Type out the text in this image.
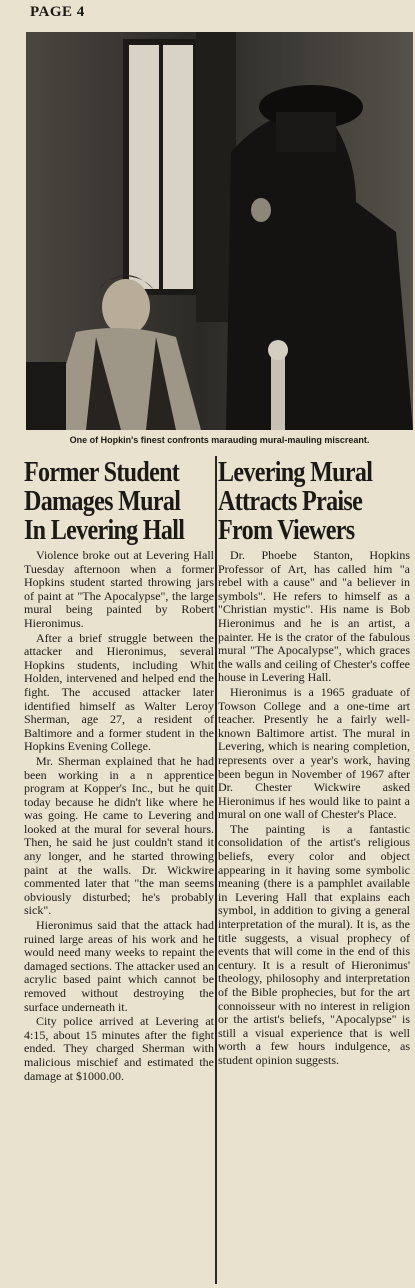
PAGE 4
One of Hopkin's finest confronts marauding mural-mauling miscreant.
Former Student
Damages Mural
In Levering Hall

Violence broke out at Levering Hall Tuesday afternoon when a former Hopkins student started throwing jars of paint at "The Apocalypse", the large mural being painted by Robert Hieronimus.

After a brief struggle between the attacker and Hieronimus, several Hopkins students, including Whit Holden, intervened and helped end the fight. The accused attacker later identified himself as Walter Leroy Sherman, age 27, a resident of Baltimore and a former student in the Hopkins Evening College.

Mr. Sherman explained that he had been working in a n apprentice program at Kopper's Inc., but he quit today because he didn't like where he was going. He came to Levering and looked at the mural for several hours. Then, he said he just couldn't stand it any longer, and he started throwing paint at the walls. Dr. Wickwire commented later that "the man seems obviously disturbed; he's probably sick".

Hieronimus said that the attack had ruined large areas of his work and he would need many weeks to repaint the damaged sections. The attacker used an acrylic based paint which cannot be removed without destroying the surface underneath it.

City police arrived at Levering at 4:15, about 15 minutes after the fight ended. They charged Sherman with malicious mischief and estimated the damage at $1000.00.

Levering Mural
Attracts Praise
From Viewers

Dr. Phoebe Stanton, Hopkins Professor of Art, has called him "a rebel with a cause" and "a believer in symbols". He refers to himself as a "Christian mystic". His name is Bob Hieronimus and he is an artist, a painter. He is the crator of the fabulous mural "The Apocalypse", which graces the walls and ceiling of Chester's coffee house in Levering Hall.

Hieronimus is a 1965 graduate of Towson College and a one-time art teacher. Presently he a fairly well-known Baltimore artist. The mural in Levering, which is nearing completion, represents over a year's work, having been begun in November of 1967 after Dr. Chester Wickwire asked Hieronimus if hes would like to paint a mural on one wall of Chester's Place.

The painting is a fantastic consolidation of the artist's religious beliefs, every color and object appearing in it having some symbolic meaning (there is a pamphlet available in Levering Hall that explains each symbol, in addition to giving a general interpretation of the mural). It is, as the title suggests, a visual prophecy of events that will come in the end of this century. It is a result of Hieronimus' theology, philosophy and interpretation of the Bible prophecies, but for the art connoisseur with no interest in religion or the artist's beliefs, "Apocalypse" is still a visual experience that is well worth a few hours indulgence, as student opinion suggests.
